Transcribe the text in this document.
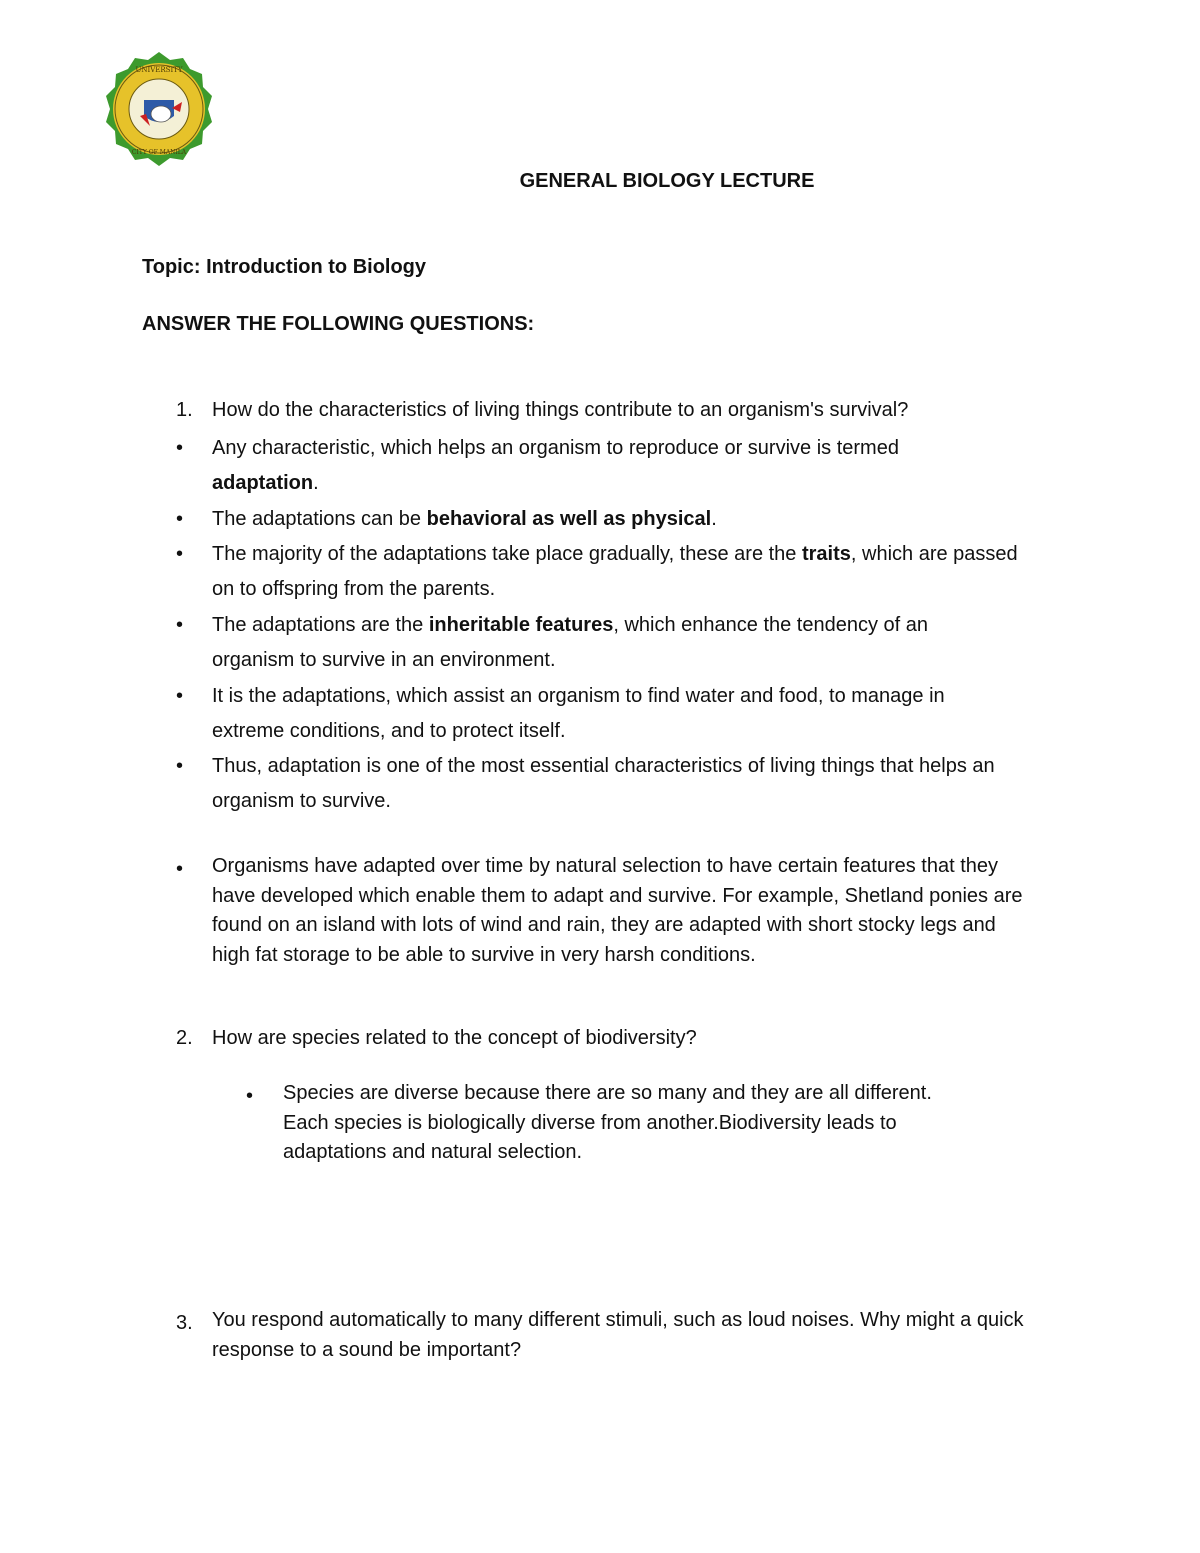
UNIVERSITY
CITY OF MANILA
GENERAL BIOLOGY LECTURE
Topic: Introduction to Biology
ANSWER THE FOLLOWING QUESTIONS:
1. How do the characteristics of living things contribute to an organism's survival?
• Any characteristic, which helps an organism to reproduce or survive is termed adaptation.
• The adaptations can be behavioral as well as physical.
• The majority of the adaptations take place gradually, these are the traits, which are passed on to offspring from the parents.
• The adaptations are the inheritable features, which enhance the tendency of an organism to survive in an environment.
• It is the adaptations, which assist an organism to find water and food, to manage in extreme conditions, and to protect itself.
• Thus, adaptation is one of the most essential characteristics of living things that helps an organism to survive.
• Organisms have adapted over time by natural selection to have certain features that they have developed which enable them to adapt and survive. For example, Shetland ponies are found on an island with lots of wind and rain, they are adapted with short stocky legs and high fat storage to be able to survive in very harsh conditions.
2. How are species related to the concept of biodiversity?
• Species are diverse because there are so many and they are all different. Each species is biologically diverse from another.Biodiversity leads to adaptations and natural selection.
3. You respond automatically to many different stimuli, such as loud noises. Why might a quick response to a sound be important?
